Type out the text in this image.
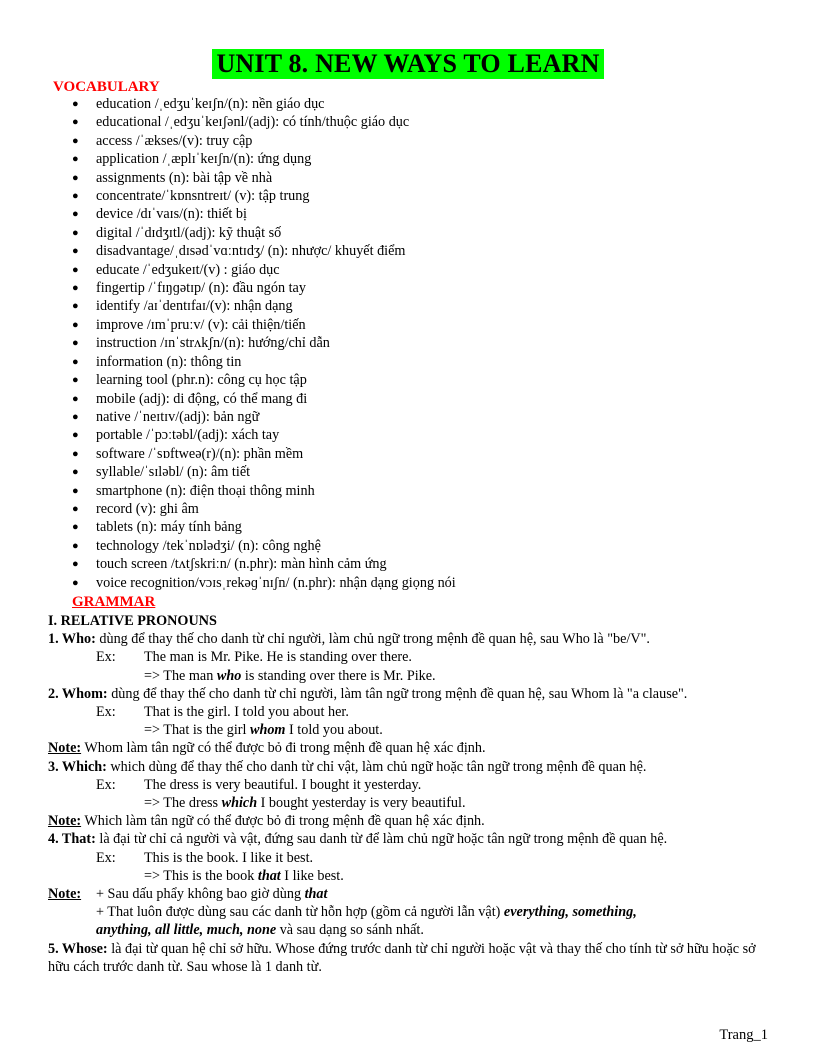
UNIT 8. NEW WAYS TO LEARN
VOCABULARY
● education /ˌedʒuˈkeɪʃn/(n): nền giáo dục
● educational /ˌedʒuˈkeɪʃənl/(adj): có tính/thuộc giáo dục
● access /ˈækses/(v): truy cập
● application /ˌæplɪˈkeɪʃn/(n): ứng dụng
● assignments (n): bài tập về nhà
● concentrate/ˈkɒnsntreɪt/ (v): tập trung
● device /dɪˈvaɪs/(n): thiết bị
● digital /ˈdɪdʒɪtl/(adj): kỹ thuật số
● disadvantage/ˌdɪsədˈvɑːntɪdʒ/ (n): nhược/ khuyết điểm
● educate /ˈedʒukeɪt/(v) : giáo dục
● fingertip /ˈfɪŋɡətɪp/ (n): đầu ngón tay
● identify /aɪˈdentɪfaɪ/(v): nhận dạng
● improve /ɪmˈpruːv/ (v): cải thiện/tiến
● instruction /ɪnˈstrʌkʃn/(n): hướng/chỉ dẫn
● information (n): thông tin
● learning tool (phr.n): công cụ học tập
● mobile (adj): di động, có thể mang đi
● native /ˈneɪtɪv/(adj): bản ngữ
● portable /ˈpɔːtəbl/(adj): xách tay
● software /ˈsɒftweə(r)/(n): phần mềm
● syllable/ˈsɪləbl/ (n): âm tiết
● smartphone (n): điện thoại thông minh
● record (v): ghi âm
● tablets (n): máy tính bảng
● technology /tekˈnɒlədʒi/ (n): công nghệ
● touch screen /tʌtʃskriːn/ (n.phr): màn hình cảm ứng
● voice recognition/vɔɪsˌrekəɡˈnɪʃn/ (n.phr): nhận dạng giọng nói
GRAMMAR
I. RELATIVE PRONOUNS
1. Who: dùng để thay thế cho danh từ chỉ người, làm chủ ngữ trong mệnh đề quan hệ, sau Who là "be/V".
Ex: The man is Mr. Pike. He is standing over there.
=> The man who is standing over there is Mr. Pike.
2. Whom: dùng để thay thế cho danh từ chỉ người, làm tân ngữ trong mệnh đề quan hệ, sau Whom là "a clause".
Ex: That is the girl. I told you about her.
=> That is the girl whom I told you about.
Note: Whom làm tân ngữ có thể được bỏ đi trong mệnh đề quan hệ xác định.
3. Which: which dùng để thay thế cho danh từ chỉ vật, làm chủ ngữ hoặc tân ngữ trong mệnh đề quan hệ.
Ex: The dress is very beautiful. I bought it yesterday.
=> The dress which I bought yesterday is very beautiful.
Note: Which làm tân ngữ có thể được bỏ đi trong mệnh đề quan hệ xác định.
4. That: là đại từ chỉ cả người và vật, đứng sau danh từ để làm chủ ngữ hoặc tân ngữ trong mệnh đề quan hệ.
Ex: This is the book. I like it best.
=> This is the book that I like best.
Note: + Sau dấu phẩy không bao giờ dùng that
+ That luôn được dùng sau các danh từ hỗn hợp (gồm cả người lẫn vật) everything, something,
anything, all little, much, none và sau dạng so sánh nhất.
5. Whose: là đại từ quan hệ chỉ sở hữu. Whose đứng trước danh từ chỉ người hoặc vật và thay thế cho tính từ sở hữu hoặc sở hữu cách trước danh từ. Sau whose là 1 danh từ.
Trang_1
